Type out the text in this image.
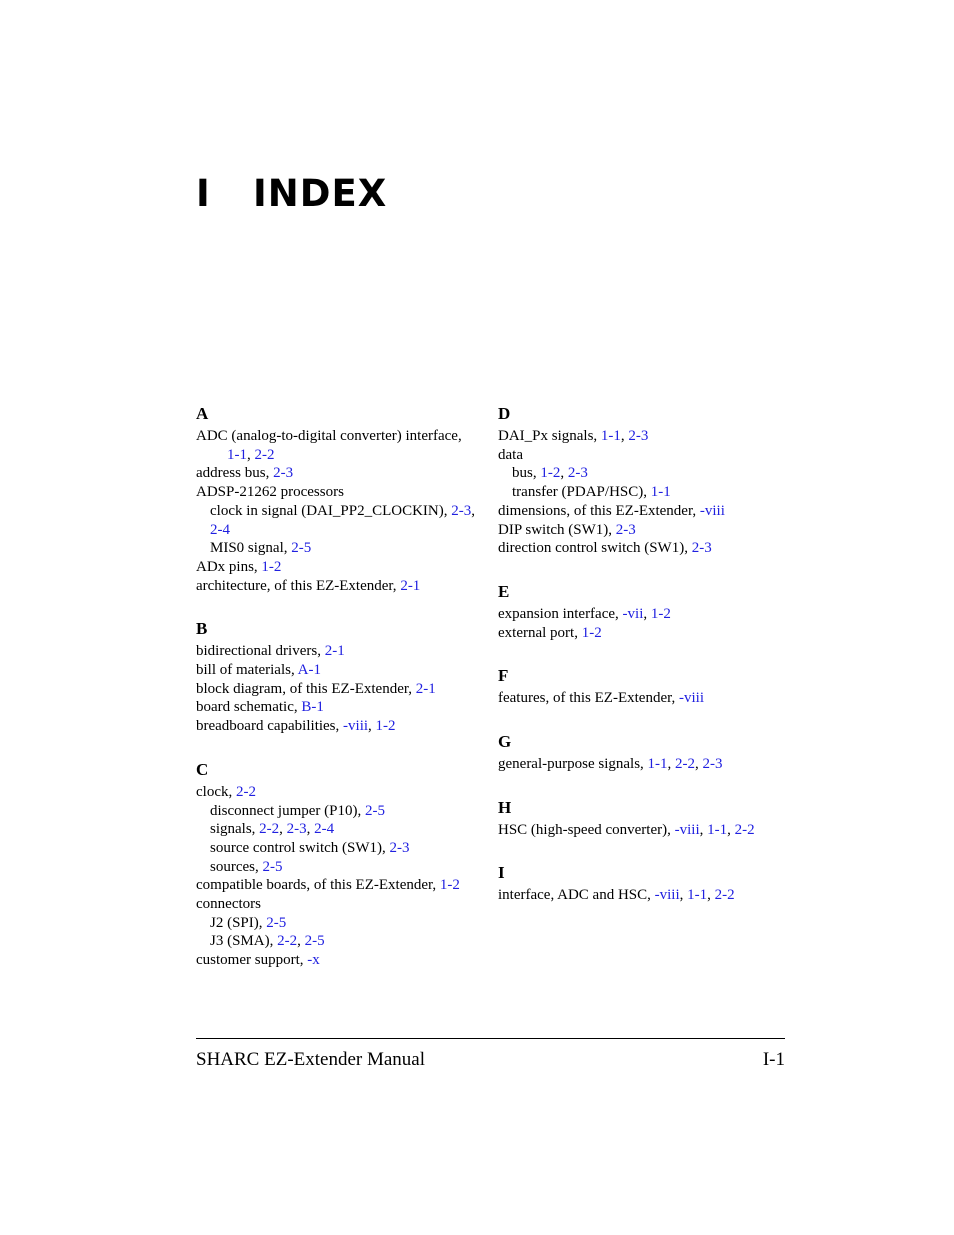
I INDEX
A
ADC (analog-to-digital converter) interface,
1-1, 2-2
address bus, 2-3
ADSP-21262 processors
clock in signal (DAI_PP2_CLOCKIN), 2-3,
2-4
MIS0 signal, 2-5
ADx pins, 1-2
architecture, of this EZ-Extender, 2-1
B
bidirectional drivers, 2-1
bill of materials, A-1
block diagram, of this EZ-Extender, 2-1
board schematic, B-1
breadboard capabilities, -viii, 1-2
C
clock, 2-2
disconnect jumper (P10), 2-5
signals, 2-2, 2-3, 2-4
source control switch (SW1), 2-3
sources, 2-5
compatible boards, of this EZ-Extender, 1-2
connectors
J2 (SPI), 2-5
J3 (SMA), 2-2, 2-5
customer support, -x
D
DAI_Px signals, 1-1, 2-3
data
bus, 1-2, 2-3
transfer (PDAP/HSC), 1-1
dimensions, of this EZ-Extender, -viii
DIP switch (SW1), 2-3
direction control switch (SW1), 2-3
E
expansion interface, -vii, 1-2
external port, 1-2
F
features, of this EZ-Extender, -viii
G
general-purpose signals, 1-1, 2-2, 2-3
H
HSC (high-speed converter), -viii, 1-1, 2-2
I
interface, ADC and HSC, -viii, 1-1, 2-2
SHARC EZ-Extender Manual	I-1
